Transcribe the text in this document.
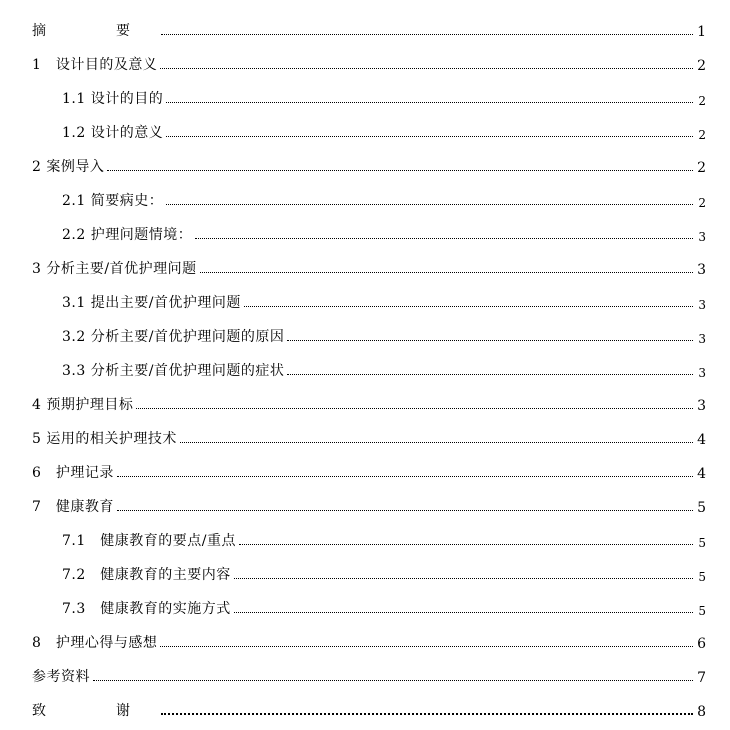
摘　要	1
1　设计目的及意义	2
1.1 设计的目的	2
1.2 设计的意义	2
2 案例导入	2
2.1 简要病史：	2
2.2 护理问题情境：	3
3 分析主要/首优护理问题	3
3.1 提出主要/首优护理问题	3
3.2 分析主要/首优护理问题的原因	3
3.3 分析主要/首优护理问题的症状	3
4 预期护理目标	3
5 运用的相关护理技术	4
6　护理记录	4
7　健康教育	5
7.1　健康教育的要点/重点	5
7.2　健康教育的主要内容	5
7.3　健康教育的实施方式	5
8　护理心得与感想	6
参考资料	7
致　谢	8
